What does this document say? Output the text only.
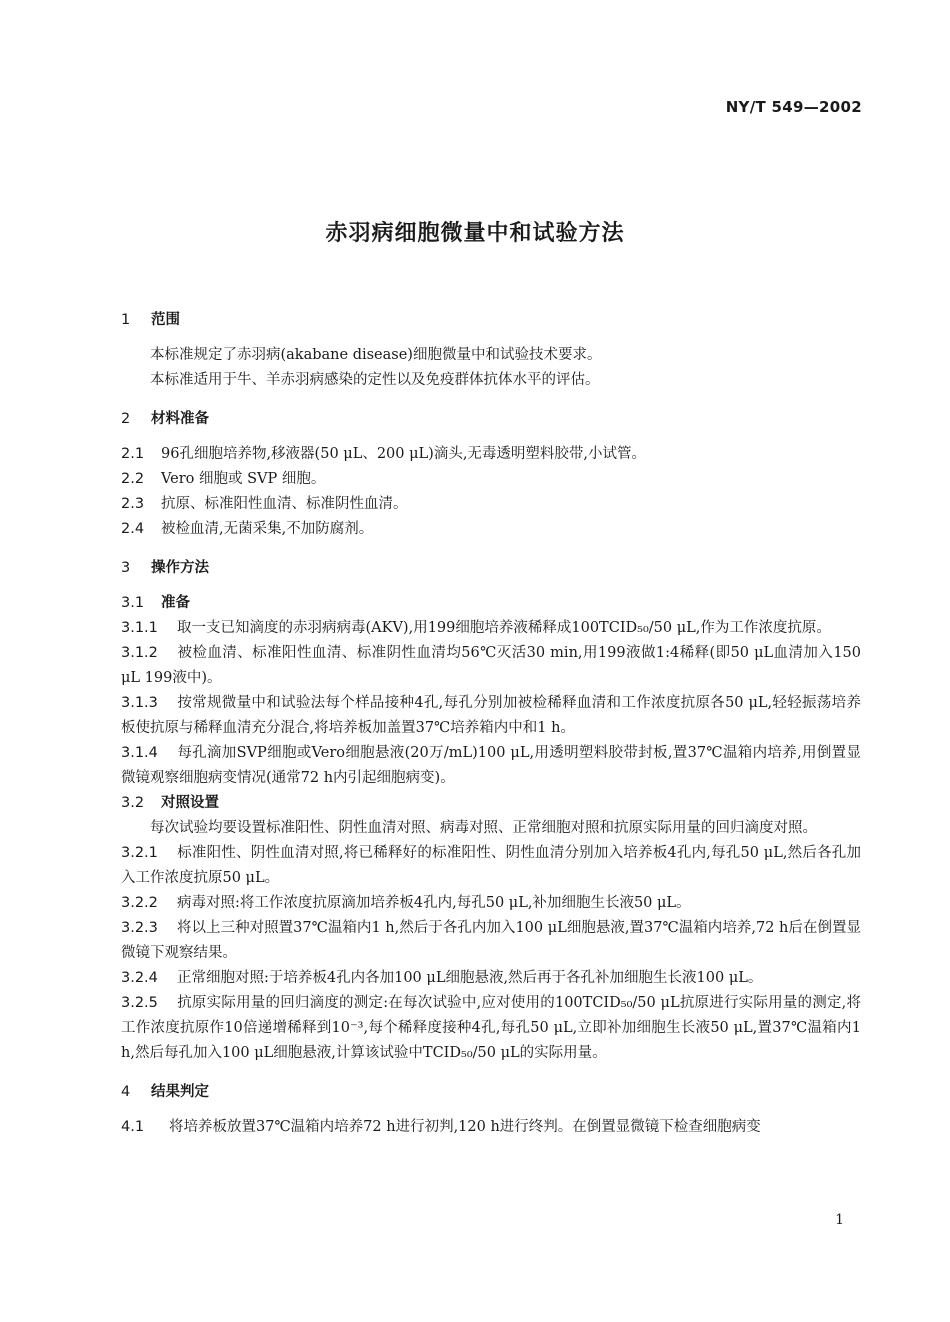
NY/T 549—2002
赤羽病细胞微量中和试验方法
1	范围

本标准规定了赤羽病(akabane disease)细胞微量中和试验技术要求。

本标准适用于牛、羊赤羽病感染的定性以及免疫群体抗体水平的评估。

2	材料准备
2.1	96孔细胞培养物,移液器(50 μL、200 μL)滴头,无毒透明塑料胶带,小试管。
2.2	Vero 细胞或 SVP 细胞。
2.3	抗原、标准阳性血清、标准阴性血清。
2.4	被检血清,无菌采集,不加防腐剂。
3	操作方法
3.1	准备

3.1.1 取一支已知滴度的赤羽病病毒(AKV),用199细胞培养液稀释成100TCID₅₀/50 μL,作为工作浓度抗原。

3.1.2 被检血清、标准阳性血清、标准阴性血清均56℃灭活30 min,用199液做1:4稀释(即50 μL血清加入150 μL 199液中)。

3.1.3 按常规微量中和试验法每个样品接种4孔,每孔分别加被检稀释血清和工作浓度抗原各50 μL,轻轻振荡培养板使抗原与稀释血清充分混合,将培养板加盖置37℃培养箱内中和1 h。

3.1.4 每孔滴加SVP细胞或Vero细胞悬液(20万/mL)100 μL,用透明塑料胶带封板,置37℃温箱内培养,用倒置显微镜观察细胞病变情况(通常72 h内引起细胞病变)。

3.2	对照设置

每次试验均要设置标准阳性、阴性血清对照、病毒对照、正常细胞对照和抗原实际用量的回归滴度对照。

3.2.1 标准阳性、阴性血清对照,将已稀释好的标准阳性、阴性血清分别加入培养板4孔内,每孔50 μL,然后各孔加入工作浓度抗原50 μL。

3.2.2 病毒对照:将工作浓度抗原滴加培养板4孔内,每孔50 μL,补加细胞生长液50 μL。

3.2.3 将以上三种对照置37℃温箱内1 h,然后于各孔内加入100 μL细胞悬液,置37℃温箱内培养,72 h后在倒置显微镜下观察结果。

3.2.4 正常细胞对照:于培养板4孔内各加100 μL细胞悬液,然后再于各孔补加细胞生长液100 μL。

3.2.5 抗原实际用量的回归滴度的测定:在每次试验中,应对使用的100TCID₅₀/50 μL抗原进行实际用量的测定,将工作浓度抗原作10倍递增稀释到10⁻³,每个稀释度接种4孔,每孔50 μL,立即补加细胞生长液50 μL,置37℃温箱内1 h,然后每孔加入100 μL细胞悬液,计算该试验中TCID₅₀/50 μL的实际用量。

4	结果判定

4.1 将培养板放置37℃温箱内培养72 h进行初判,120 h进行终判。在倒置显微镜下检查细胞病变

1
